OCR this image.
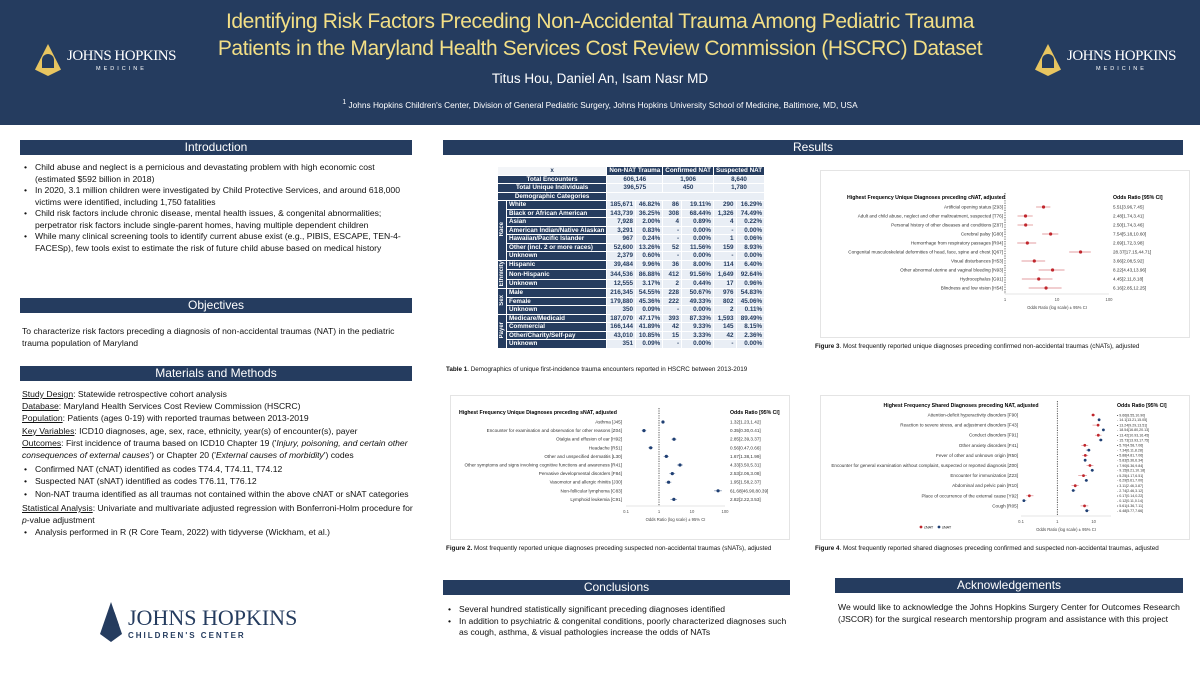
JOHNS HOPKINS
MEDICINE
JOHNS HOPKINS
MEDICINE
Identifying Risk Factors Preceding Non-Accidental Trauma Among Pediatric Trauma
Patients in the Maryland Health Services Cost Review Commission (HSCRC) Dataset
Titus Hou, Daniel An, Isam Nasr MD
$^1$ Johns Hopkins Children's Center, Division of General Pediatric Surgery, Johns Hopkins University School of Medicine, Baltimore, MD, USA
Introduction
• Child abuse and neglect is a pernicious and devastating problem with high economic cost (estimated $592 billion in 2018)
• In 2020, 3.1 million children were investigated by Child Protective Services, and around 618,000 victims were identified, including 1,750 fatalities
• Child risk factors include chronic disease, mental health issues, & congenital abnormalities; perpetrator risk factors include single-parent homes, having multiple dependent children
• While many clinical screening tools to identify current abuse exist (e.g., PIBIS, ESCAPE, TEN-4-FACESp), few tools exist to estimate the risk of future child abuse based on medical history
Objectives
To characterize risk factors preceding a diagnosis of non-accidental traumas (NAT) in the pediatric trauma population of Maryland
Materials and Methods
Study Design: Statewide retrospective cohort analysis
Database: Maryland Health Services Cost Review Commission (HSCRC)
Population: Patients (ages 0-19) with reported traumas between 2013-2019
Key Variables: ICD10 diagnoses, age, sex, race, ethnicity, year(s) of encounter(s), payer
Outcomes: First incidence of trauma based on ICD10 Chapter 19 ('Injury, poisoning, and certain other consequences of external causes') or Chapter 20 ('External causes of morbidity') codes
• Confirmed NAT (cNAT) identified as codes T74.4, T74.11, T74.12
• Suspected NAT (sNAT) identified as codes T76.11, T76.12
• Non-NAT trauma identified as all traumas not contained within the above cNAT or sNAT categories
Statistical Analysis: Univariate and multivariate adjusted regression with Bonferroni-Holm procedure for p-value adjustment
• Analysis performed in R (R Core Team, 2022) with tidyverse (Wickham, et al.)
JOHNS HOPKINS
CHILDREN'S CENTER
Results
x		Non-NAT Trauma		Confirmed NAT		Suspected NAT	
Total Encounters		606,146		1,906		8,640	
Total Unique Individuals		396,575		450		1,780	
Demographic Categories							
Race	White	185,671	46.82%	86	19.11%	290	16.29%
	Black or African American	143,739	36.25%	308	68.44%	1,326	74.49%
	Asian	7,928	2.00%	4	0.89%	4	0.22%
	American Indian/Native Alaskan	3,291	0.83%	-	0.00%	-	0.00%
	Hawaiian/Pacific Islander	967	0.24%	-	0.00%	1	0.06%
	Other (incl. 2 or more races)	52,600	13.26%	52	11.56%	159	8.93%
	Unknown	2,379	0.60%	-	0.00%	-	0.00%
Ethnicity	Hispanic	39,484	9.96%	36	8.00%	114	6.40%
	Non-Hispanic	344,536	86.88%	412	91.56%	1,649	92.64%
	Unknown	12,555	3.17%	2	0.44%	17	0.96%
Sex	Male	216,345	54.55%	228	50.67%	976	54.83%
	Female	179,880	45.36%	222	49.33%	802	45.06%
	Unknown	350	0.09%	-	0.00%	2	0.11%
Payer	Medicare/Medicaid	187,070	47.17%	393	87.33%	1,593	89.49%
	Commercial	166,144	41.89%	42	9.33%	145	8.15%
	Other/Charity/Self-pay	43,010	10.85%	15	3.33%	42	2.36%
	Unknown	351	0.09%	-	0.00%	-	0.00%
Table 1. Demographics of unique first-incidence trauma encounters reported in HSCRC between 2013-2019
Highest Frequency Unique Diagnoses preceding sNAT, adjusted	Odds Ratio [95% CI]
0.1	1	10	100
Odds Ratio (log scale) ± 95% CI
Asthma [J45]	1.32[1.23,1.42]
Encounter for examination and observation for other reasons [Z04]	0.35[0.30,0.41]
Otalgia and effusion of ear [H92]	2.85[2.39,3.37]
Headache [R51]	0.56[0.47,0.66]
Other and unspecified dermatitis [L30]	1.67[1.38,1.99]
Other symptoms and signs involving cognitive functions and awareness [R41]	4.33[3.50,5.31]
Pervasive developmental disorders [F84]	2.53[2.06,3.08]
Vasomotor and allergic rhinitis [J30]	1.95[1.58,2.37]
Non-follicular lymphoma [C83]	61.68[46.90,80.39]
Lymphoid leukemia [C91]	2.82[2.22,3.53]
Figure 2. Most frequently reported unique diagnoses preceding suspected non-accidental traumas (sNATs), adjusted
Highest Frequency Unique Diagnoses preceding cNAT, adjusted	Odds Ratio [95% CI]
1	10	100
Odds Ratio (log scale) ± 95% CI
Artificial opening status [Z93]	5.51[3.96,7.45]
Adult and child abuse, neglect and other maltreatment, suspected [T76]	2.48[1.74,3.41]
Personal history of other diseases and conditions [Z87]	2.50[1.74,3.46]
Cerebral palsy [G80]	7.54[5.18,10.60]
Hemorrhage from respiratory passages [R04]	2.69[1.72,3.98]
Congenital musculoskeletal deformities of head, face, spine and chest [Q67]	28.37[17.15,44.71]
Visual disturbances [H53]	3.66[2.08,5.92]
Other abnormal uterine and vaginal bleeding [N93]	8.22[4.43,13.96]
Hydrocephalus [G91]	4.45[2.11,8.18]
Blindness and low vision [H54]	6.16[2.85,12.25]
Figure 3. Most frequently reported unique diagnoses preceding confirmed non-accidental traumas (cNATs), adjusted
Highest Frequency Shared Diagnoses preceding NAT, adjusted	Odds Ratio [95% CI]
0.1	1	10
Odds Ratio (log scale) ± 95% CI
Attention-deficit hyperactivity disorders [F90]	• 9.66[8.55,10.90]
- 14.1[13.21,15.05]
Reaction to severe stress, and adjustment disorders [F43]	• 13.24[9.29,13.51]
- 18.54[16.80,20.13]
Conduct disorders [F91]	• 13.42[10.93,16.45]
- 15.73[13.93,17.75]
Other anxiety disorders [F41]	• 5.70[4.58,7.06]
- 7.34[6.11,8.28]
Fever of other and unknown origin [R50]	• 5.88[4.81,7.06]
- 5.83[5.36,6.34]
Encounter for general examination without complaint, suspected or reported diagnosis [Z00]	• 7.90[6.36,9.84]
- 9.15[8.21,10.18]
Encounter for immunization [Z23]	• 5.25[4.17,6.51]
- 6.29[5.61,7.00]
Abdominal and pelvic pain [R10]	• 3.11[2.46,3.87]
- 2.74[2.46,3.12]
Place of occurrence of the external cause [Y92]	• 0.17[0.14,0.22]
- 0.12[0.11,0.14]
Cough [R05]	• 5.61[4.36,7.11]
- 6.48[5.77,7.66]
cNAT sNAT
Figure 4. Most frequently reported shared diagnoses preceding confirmed and suspected non-accidental traumas, adjusted
Conclusions
• Several hundred statistically significant preceding diagnoses identified
• In addition to psychiatric & congenital conditions, poorly characterized diagnoses such as cough, asthma, & visual pathologies increase the odds of NATs
Acknowledgements
We would like to acknowledge the Johns Hopkins Surgery Center for Outcomes Research (JSCOR) for the surgical research mentorship program and assistance with this project
